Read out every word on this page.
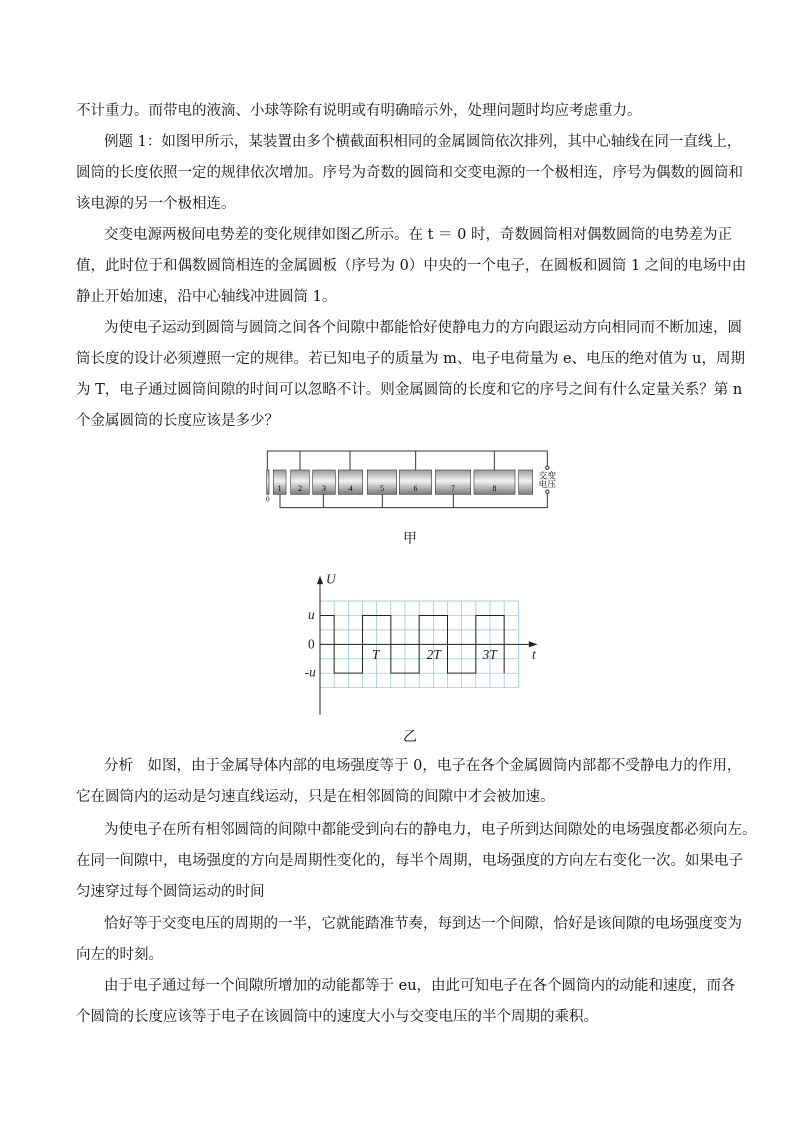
不计重力。而带电的液滴、小球等除有说明或有明确暗示外，处理问题时均应考虑重力。
例题 1：如图甲所示，某装置由多个横截面积相同的金属圆筒依次排列，其中心轴线在同一直线上，
圆筒的长度依照一定的规律依次增加。序号为奇数的圆筒和交变电源的一个极相连，序号为偶数的圆筒和
该电源的另一个极相连。
交变电源两极间电势差的变化规律如图乙所示。在 t ＝ 0 时，奇数圆筒相对偶数圆筒的电势差为正
值，此时位于和偶数圆筒相连的金属圆板（序号为 0）中央的一个电子，在圆板和圆筒 1 之间的电场中由
静止开始加速，沿中心轴线冲进圆筒 1。
为使电子运动到圆筒与圆筒之间各个间隙中都能恰好使静电力的方向跟运动方向相同而不断加速，圆
筒长度的设计必须遵照一定的规律。若已知电子的质量为 m、电子电荷量为 e、电压的绝对值为 u，周期
为 T，电子通过圆筒间隙的时间可以忽略不计。则金属圆筒的长度和它的序号之间有什么定量关系？第 n
个金属圆筒的长度应该是多少？
分析　如图，由于金属导体内部的电场强度等于 0，电子在各个金属圆筒内部都不受静电力的作用，
它在圆筒内的运动是匀速直线运动，只是在相邻圆筒的间隙中才会被加速。
为使电子在所有相邻圆筒的间隙中都能受到向右的静电力，电子所到达间隙处的电场强度都必须向左。
在同一间隙中，电场强度的方向是周期性变化的，每半个周期，电场强度的方向左右变化一次。如果电子
匀速穿过每个圆筒运动的时间
恰好等于交变电压的周期的一半，它就能踏准节奏，每到达一个间隙，恰好是该间隙的电场强度变为
向左的时刻。
由于电子通过每一个间隙所增加的动能都等于 eu，由此可知电子在各个圆筒内的动能和速度，而各
个圆筒的长度应该等于电子在该圆筒中的速度大小与交变电压的半个周期的乘积。
1 2 3 4 5 6 7 8
0
交变
电压
甲
U
t
u
0
-u
T 2T 3T
乙
